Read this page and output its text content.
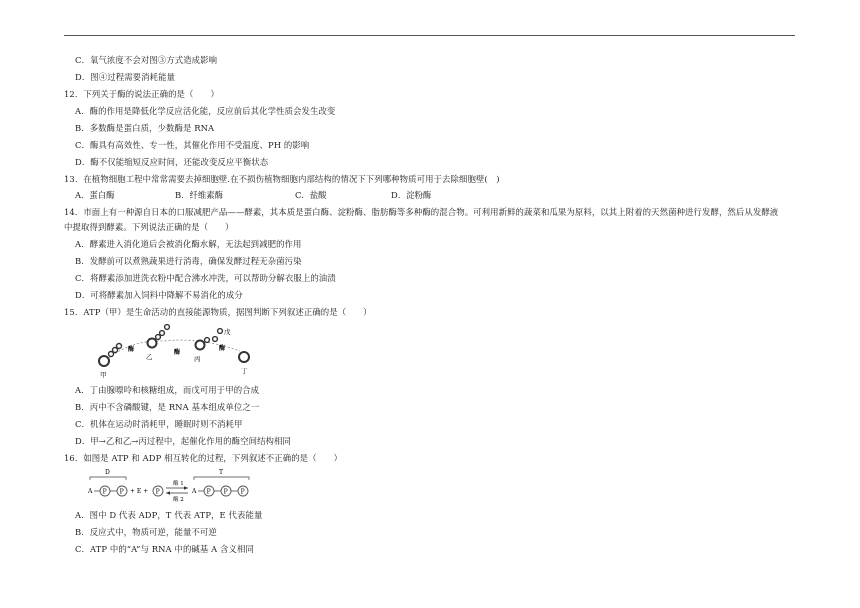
C．氧气浓度不会对图③方式造成影响
D．图④过程需要消耗能量
12．下列关于酶的说法正确的是（　　）
A．酶的作用是降低化学反应活化能，反应前后其化学性质会发生改变
B．多数酶是蛋白质，少数酶是 RNA
C．酶具有高效性、专一性，其催化作用不受温度、PH 的影响
D．酶不仅能缩短反应时间，还能改变反应平衡状态
13．在植物细胞工程中常常需要去掉细胞壁.在不损伤植物细胞内部结构的情况下下列哪种物质可用于去除细胞壁(　)
A．蛋白酶	B．纤维素酶	C．盐酸	D．淀粉酶
14．市面上有一种源自日本的口服减肥产品——酵素，其本质是蛋白酶、淀粉酶、脂肪酶等多种酶的混合物。可利用新鲜的蔬菜和瓜果为原料，以其上附着的天然菌种进行发酵，然后从发酵液
中提取得到酵素。下列说法正确的是（　　）
A．酵素进入消化道后会被消化酶水解，无法起到减肥的作用
B．发酵前可以煮熟蔬果进行消毒，确保发酵过程无杂菌污染
C．将酵素添加进洗衣粉中配合沸水冲洗，可以帮助分解衣服上的油渍
D．可将酵素加入饲料中降解不易消化的成分
15．ATP（甲）是生命活动的直接能源物质，据图判断下列叙述正确的是（　　）
甲
酶
乙
酶
丙
戊
酶
丁
A．丁由腺嘌呤和核糖组成，而戊可用于甲的合成
B．丙中不含磷酸键，是 RNA 基本组成单位之一
C．机体在运动时消耗甲，睡眠时则不消耗甲
D．甲→乙和乙→丙过程中，起催化作用的酶空间结构相同
16．如图是 ATP 和 ADP 相互转化的过程，下列叙述不正确的是（　　）
A P P
D
+ E + P
酶 1
酶 2
A P P P
T
A．图中 D 代表 ADP，T 代表 ATP，E 代表能量
B．反应式中，物质可逆，能量不可逆
C．ATP 中的“A”与 RNA 中的碱基 A 含义相同
